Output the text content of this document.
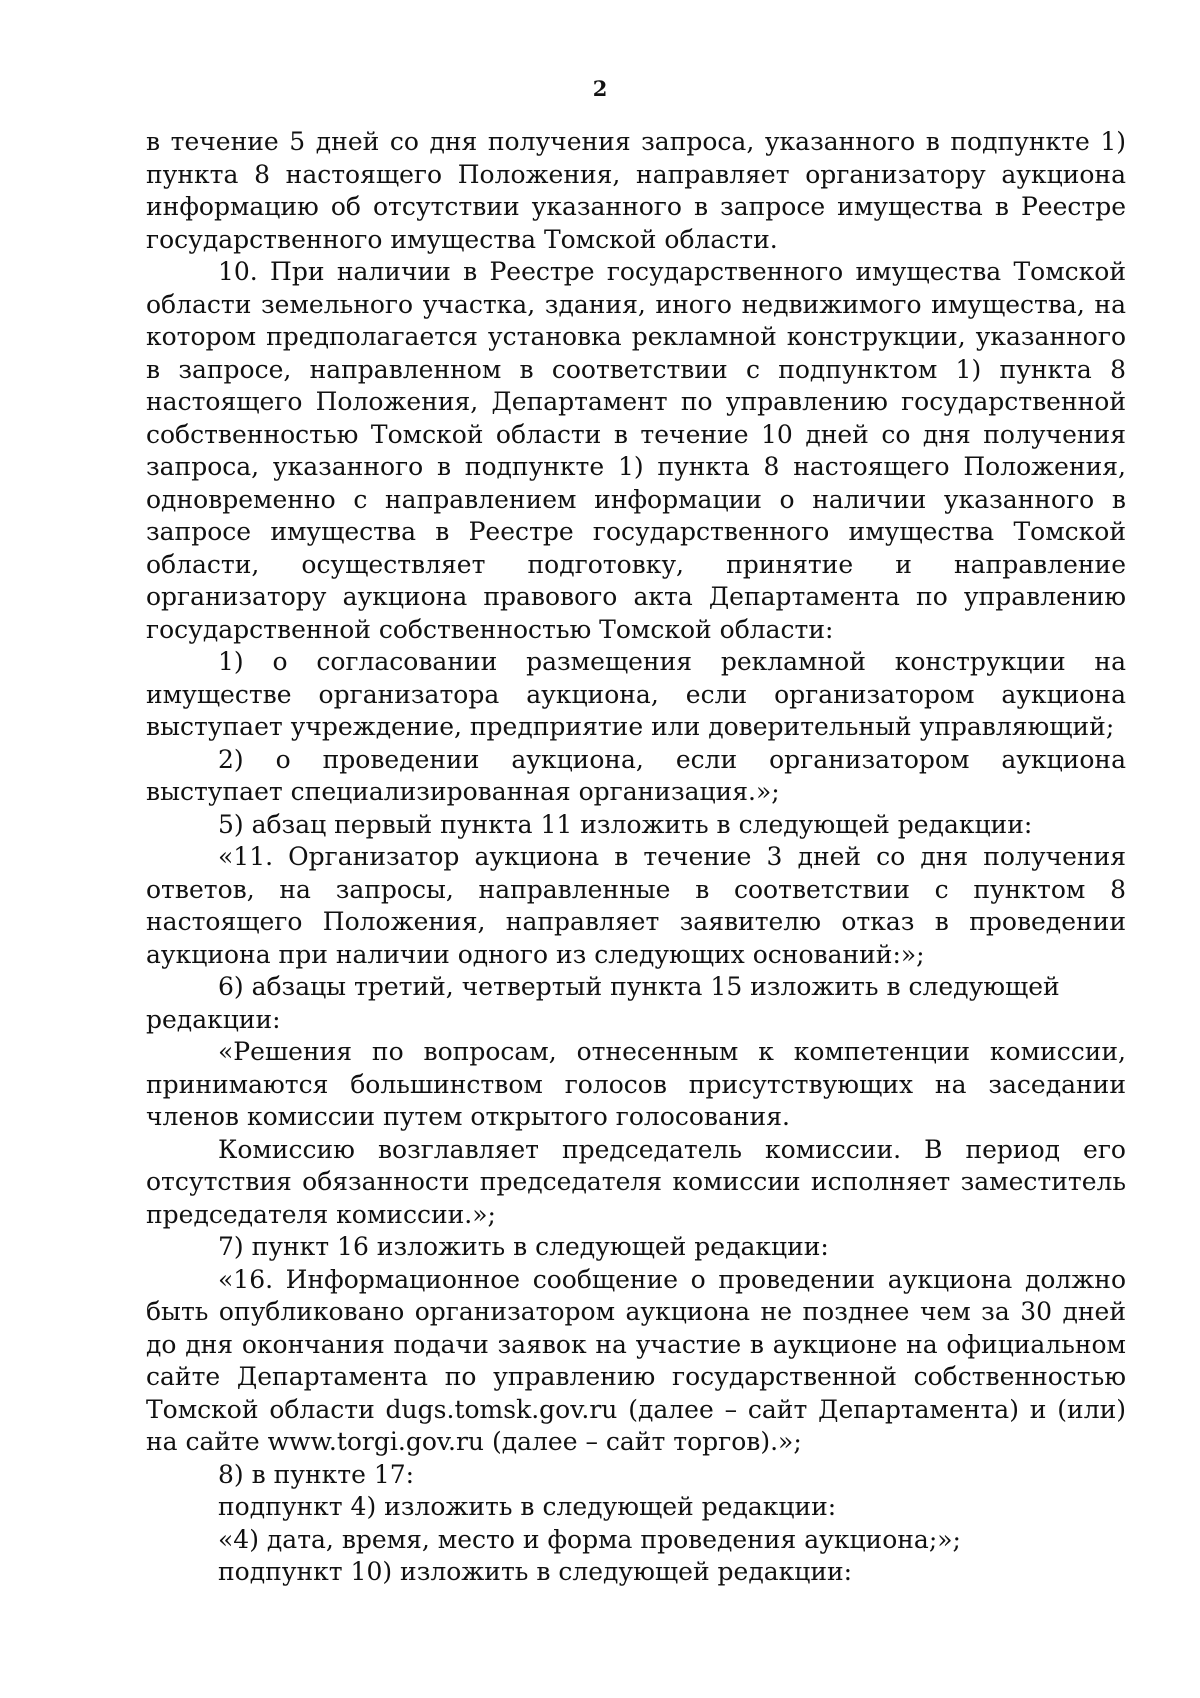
2

в течение 5 дней со дня получения запроса, указанного в подпункте 1) пункта 8 настоящего Положения, направляет организатору аукциона информацию об отсутствии указанного в запросе имущества в Реестре государственного имущества Томской области.

10. При наличии в Реестре государственного имущества Томской области земельного участка, здания, иного недвижимого имущества, на котором предполагается установка рекламной конструкции, указанного в запросе, направленном в соответствии с подпунктом 1) пункта 8 настоящего Положения, Департамент по управлению государственной собственностью Томской области в течение 10 дней со дня получения запроса, указанного в подпункте 1) пункта 8 настоящего Положения, одновременно с направлением информации о наличии указанного в запросе имущества в Реестре государственного имущества Томской области, осуществляет подготовку, принятие и направление организатору аукциона правового акта Департамента по управлению государственной собственностью Томской области:

1) о согласовании размещения рекламной конструкции на имуществе организатора аукциона, если организатором аукциона выступает учреждение, предприятие или доверительный управляющий;

2) о проведении аукциона, если организатором аукциона выступает специализированная организация.»;

5) абзац первый пункта 11 изложить в следующей редакции:

«11. Организатор аукциона в течение 3 дней со дня получения ответов, на запросы, направленные в соответствии с пунктом 8 настоящего Положения, направляет заявителю отказ в проведении аукциона при наличии одного из следующих оснований:»;

6) абзацы третий, четвертый пункта 15 изложить в следующей редакции:

«Решения по вопросам, отнесенным к компетенции комиссии, принимаются большинством голосов присутствующих на заседании членов комиссии путем открытого голосования.

Комиссию возглавляет председатель комиссии. В период его отсутствия обязанности председателя комиссии исполняет заместитель председателя комиссии.»;

7) пункт 16 изложить в следующей редакции:

«16. Информационное сообщение о проведении аукциона должно быть опубликовано организатором аукциона не позднее чем за 30 дней до дня окончания подачи заявок на участие в аукционе на официальном сайте Департамента по управлению государственной собственностью Томской области dugs.tomsk.gov.ru (далее – сайт Департамента) и (или) на сайте www.torgi.gov.ru (далее – сайт торгов).»;

8) в пункте 17:

подпункт 4) изложить в следующей редакции:

«4) дата, время, место и форма проведения аукциона;»;

подпункт 10) изложить в следующей редакции:
